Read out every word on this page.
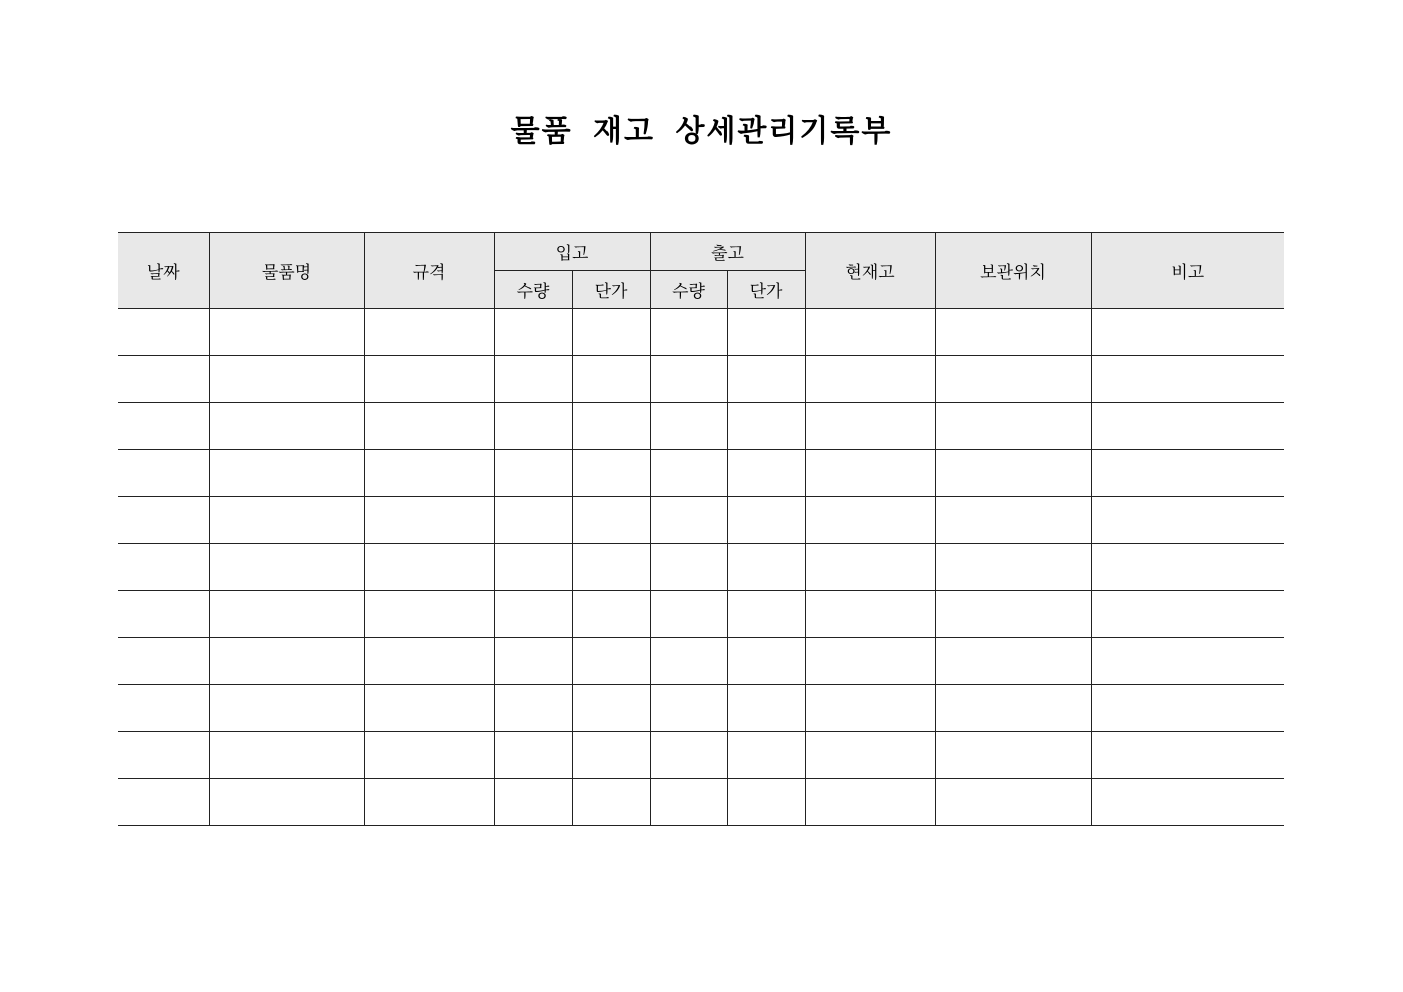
물품 재고 상세관리기록부
날짜	물품명	규격	입고		출고		현재고	보관위치	비고
			수량	단가	수량	단가			
